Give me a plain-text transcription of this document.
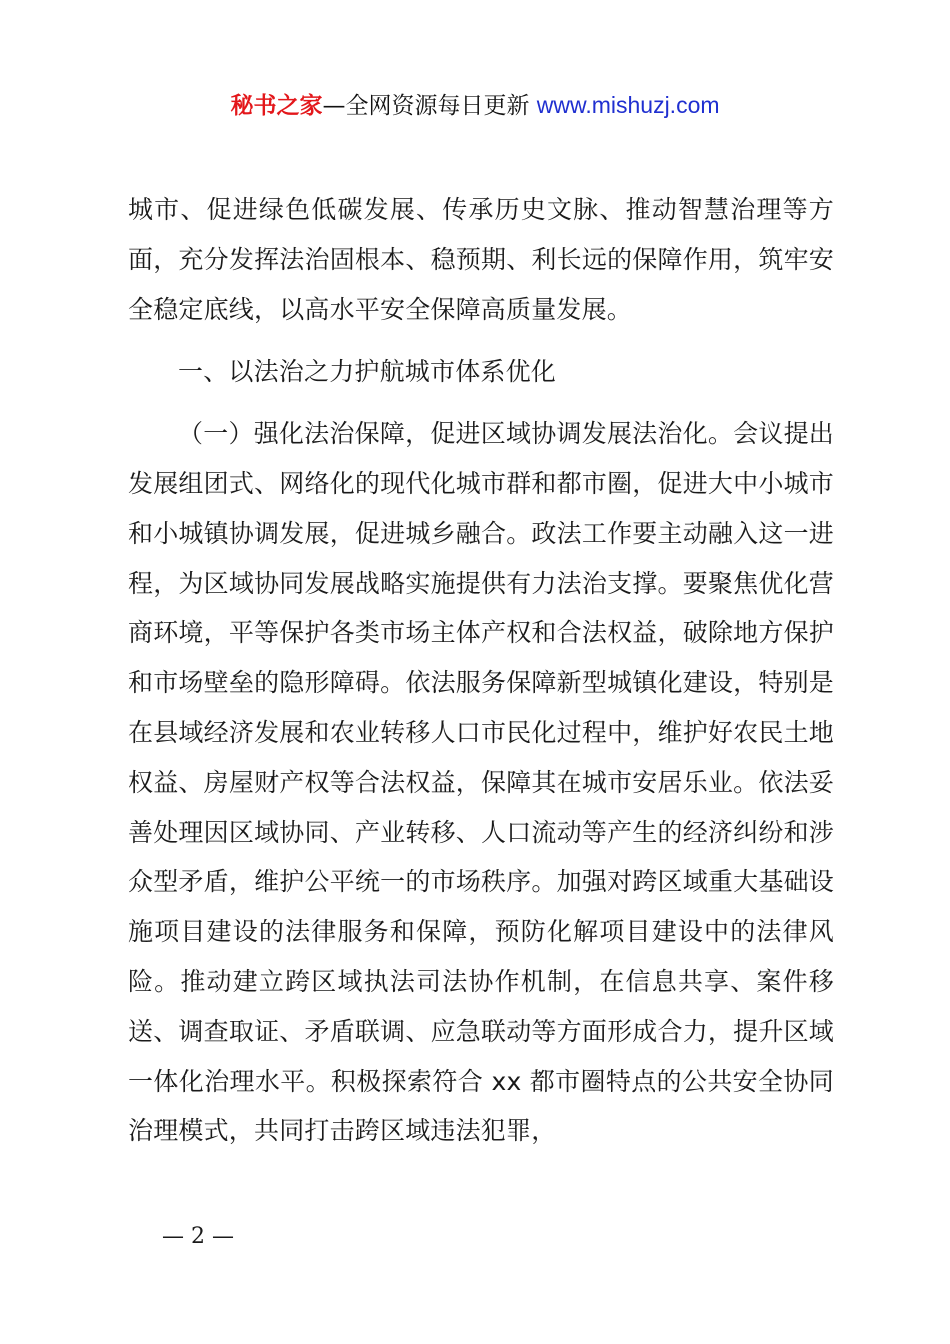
秘书之家—全网资源每日更新 www.mishuzj.com

城市、促进绿色低碳发展、传承历史文脉、推动智慧治理等方面，充分发挥法治固根本、稳预期、利长远的保障作用，筑牢安全稳定底线，以高水平安全保障高质量发展。

一、以法治之力护航城市体系优化

（一）强化法治保障，促进区域协调发展法治化。会议提出发展组团式、网络化的现代化城市群和都市圈，促进大中小城市和小城镇协调发展，促进城乡融合。政法工作要主动融入这一进程，为区域协同发展战略实施提供有力法治支撑。要聚焦优化营商环境，平等保护各类市场主体产权和合法权益，破除地方保护和市场壁垒的隐形障碍。依法服务保障新型城镇化建设，特别是在县域经济发展和农业转移人口市民化过程中，维护好农民土地权益、房屋财产权等合法权益，保障其在城市安居乐业。依法妥善处理因区域协同、产业转移、人口流动等产生的经济纠纷和涉众型矛盾，维护公平统一的市场秩序。加强对跨区域重大基础设施项目建设的法律服务和保障，预防化解项目建设中的法律风险。推动建立跨区域执法司法协作机制，在信息共享、案件移送、调查取证、矛盾联调、应急联动等方面形成合力，提升区域一体化治理水平。积极探索符合 xx 都市圈特点的公共安全协同治理模式，共同打击跨区域违法犯罪，

— 2 —
